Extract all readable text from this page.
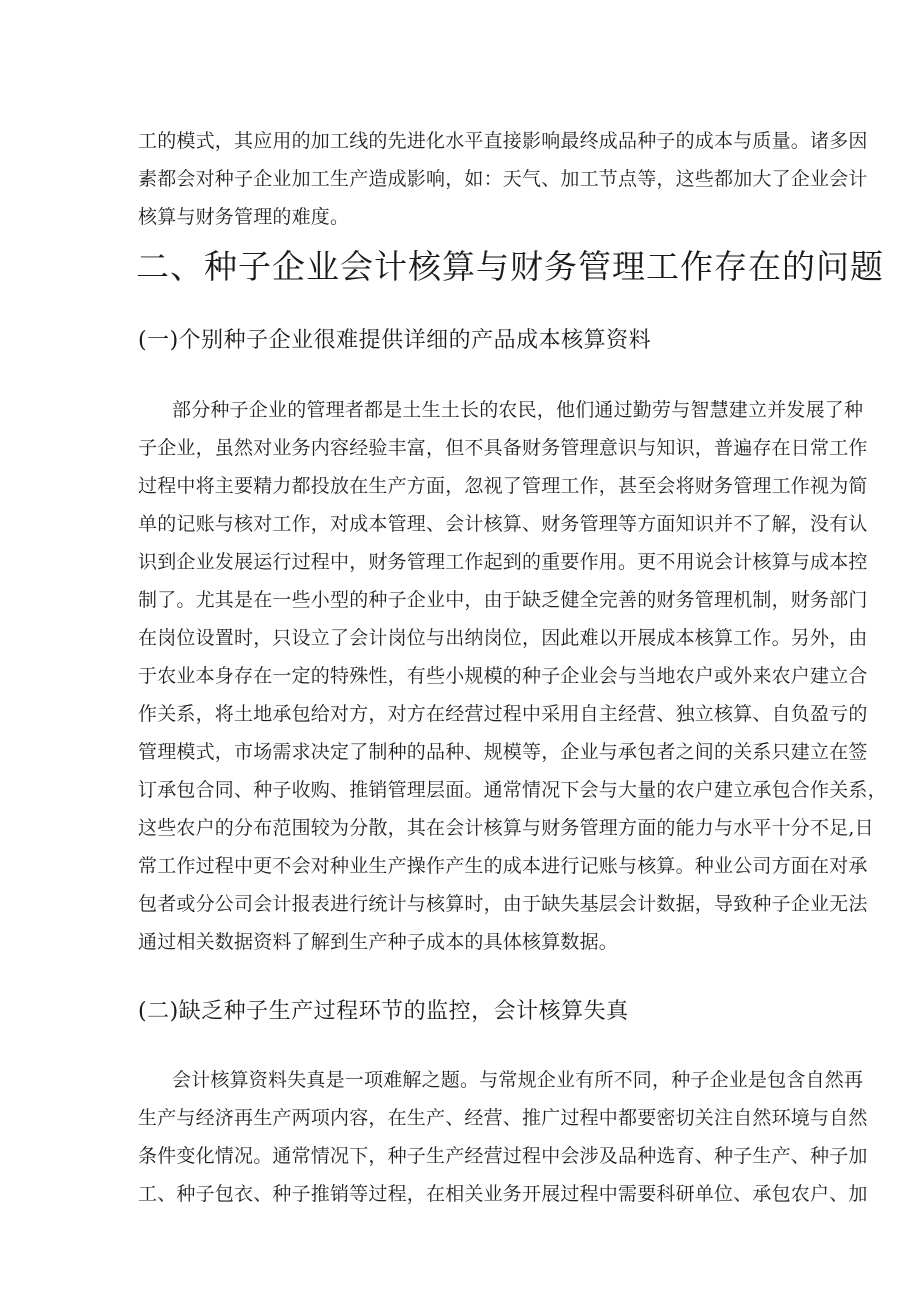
工的模式，其应用的加工线的先进化水平直接影响最终成品种子的成本与质量。诸多因
素都会对种子企业加工生产造成影响，如：天气、加工节点等，这些都加大了企业会计
核算与财务管理的难度。
二、种子企业会计核算与财务管理工作存在的问题
(一)个别种子企业很难提供详细的产品成本核算资料
部分种子企业的管理者都是土生土长的农民，他们通过勤劳与智慧建立并发展了种
子企业，虽然对业务内容经验丰富，但不具备财务管理意识与知识，普遍存在日常工作
过程中将主要精力都投放在生产方面，忽视了管理工作，甚至会将财务管理工作视为简
单的记账与核对工作，对成本管理、会计核算、财务管理等方面知识并不了解，没有认
识到企业发展运行过程中，财务管理工作起到的重要作用。更不用说会计核算与成本控
制了。尤其是在一些小型的种子企业中，由于缺乏健全完善的财务管理机制，财务部门
在岗位设置时，只设立了会计岗位与出纳岗位，因此难以开展成本核算工作。另外，由
于农业本身存在一定的特殊性，有些小规模的种子企业会与当地农户或外来农户建立合
作关系，将土地承包给对方，对方在经营过程中采用自主经营、独立核算、自负盈亏的
管理模式，市场需求决定了制种的品种、规模等，企业与承包者之间的关系只建立在签
订承包合同、种子收购、推销管理层面。通常情况下会与大量的农户建立承包合作关系，
这些农户的分布范围较为分散，其在会计核算与财务管理方面的能力与水平十分不足,日
常工作过程中更不会对种业生产操作产生的成本进行记账与核算。种业公司方面在对承
包者或分公司会计报表进行统计与核算时，由于缺失基层会计数据，导致种子企业无法
通过相关数据资料了解到生产种子成本的具体核算数据。
(二)缺乏种子生产过程环节的监控，会计核算失真
会计核算资料失真是一项难解之题。与常规企业有所不同，种子企业是包含自然再
生产与经济再生产两项内容，在生产、经营、推广过程中都要密切关注自然环境与自然
条件变化情况。通常情况下，种子生产经营过程中会涉及品种选育、种子生产、种子加
工、种子包衣、种子推销等过程，在相关业务开展过程中需要科研单位、承包农户、加
